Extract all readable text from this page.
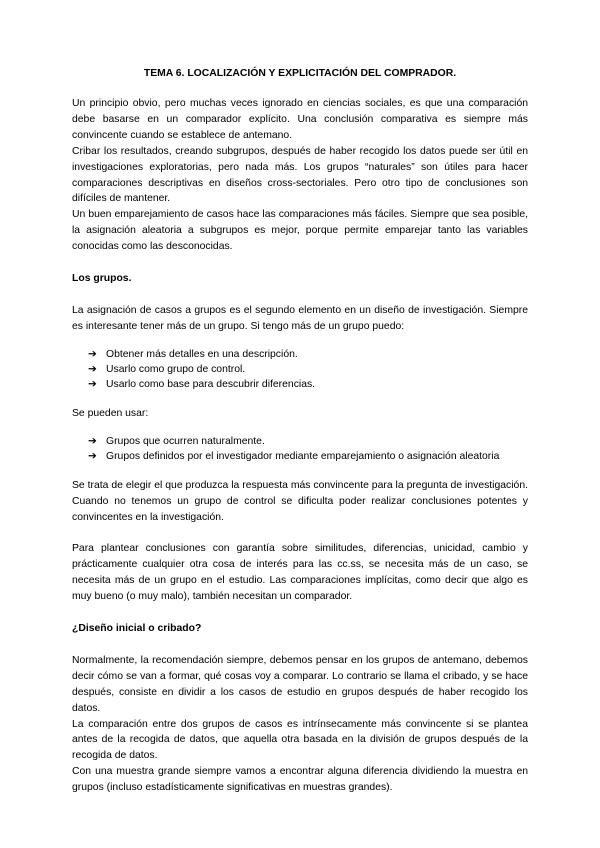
TEMA 6. LOCALIZACIÓN Y EXPLICITACIÓN DEL COMPRADOR.

Un principio obvio, pero muchas veces ignorado en ciencias sociales, es que una comparación debe basarse en un comparador explícito. Una conclusión comparativa es siempre más convincente cuando se establece de antemano.

Cribar los resultados, creando subgrupos, después de haber recogido los datos puede ser útil en investigaciones exploratorias, pero nada más. Los grupos “naturales” son útiles para hacer comparaciones descriptivas en diseños cross-sectoriales. Pero otro tipo de conclusiones son difíciles de mantener.

Un buen emparejamiento de casos hace las comparaciones más fáciles. Siempre que sea posible, la asignación aleatoria a subgrupos es mejor, porque permite emparejar tanto las variables conocidas como las desconocidas.

Los grupos.

La asignación de casos a grupos es el segundo elemento en un diseño de investigación. Siempre es interesante tener más de un grupo. Si tengo más de un grupo puedo:

➔ Obtener más detalles en una descripción.
➔ Usarlo como grupo de control.
➔ Usarlo como base para descubrir diferencias.

Se pueden usar:

➔ Grupos que ocurren naturalmente.
➔ Grupos definidos por el investigador mediante emparejamiento o asignación aleatoria

Se trata de elegir el que produzca la respuesta más convincente para la pregunta de investigación. Cuando no tenemos un grupo de control se dificulta poder realizar conclusiones potentes y convincentes en la investigación.

Para plantear conclusiones con garantía sobre similitudes, diferencias, unicidad, cambio y prácticamente cualquier otra cosa de interés para las cc.ss, se necesita más de un caso, se necesita más de un grupo en el estudio. Las comparaciones implícitas, como decir que algo es muy bueno (o muy malo), también necesitan un comparador.

¿Diseño inicial o cribado?

Normalmente, la recomendación siempre, debemos pensar en los grupos de antemano, debemos decir cómo se van a formar, qué cosas voy a comparar. Lo contrario se llama el cribado, y se hace después, consiste en dividir a los casos de estudio en grupos después de haber recogido los datos.

La comparación entre dos grupos de casos es intrínsecamente más convincente si se plantea antes de la recogida de datos, que aquella otra basada en la división de grupos después de la recogida de datos.

Con una muestra grande siempre vamos a encontrar alguna diferencia dividiendo la muestra en grupos (incluso estadísticamente significativas en muestras grandes).
